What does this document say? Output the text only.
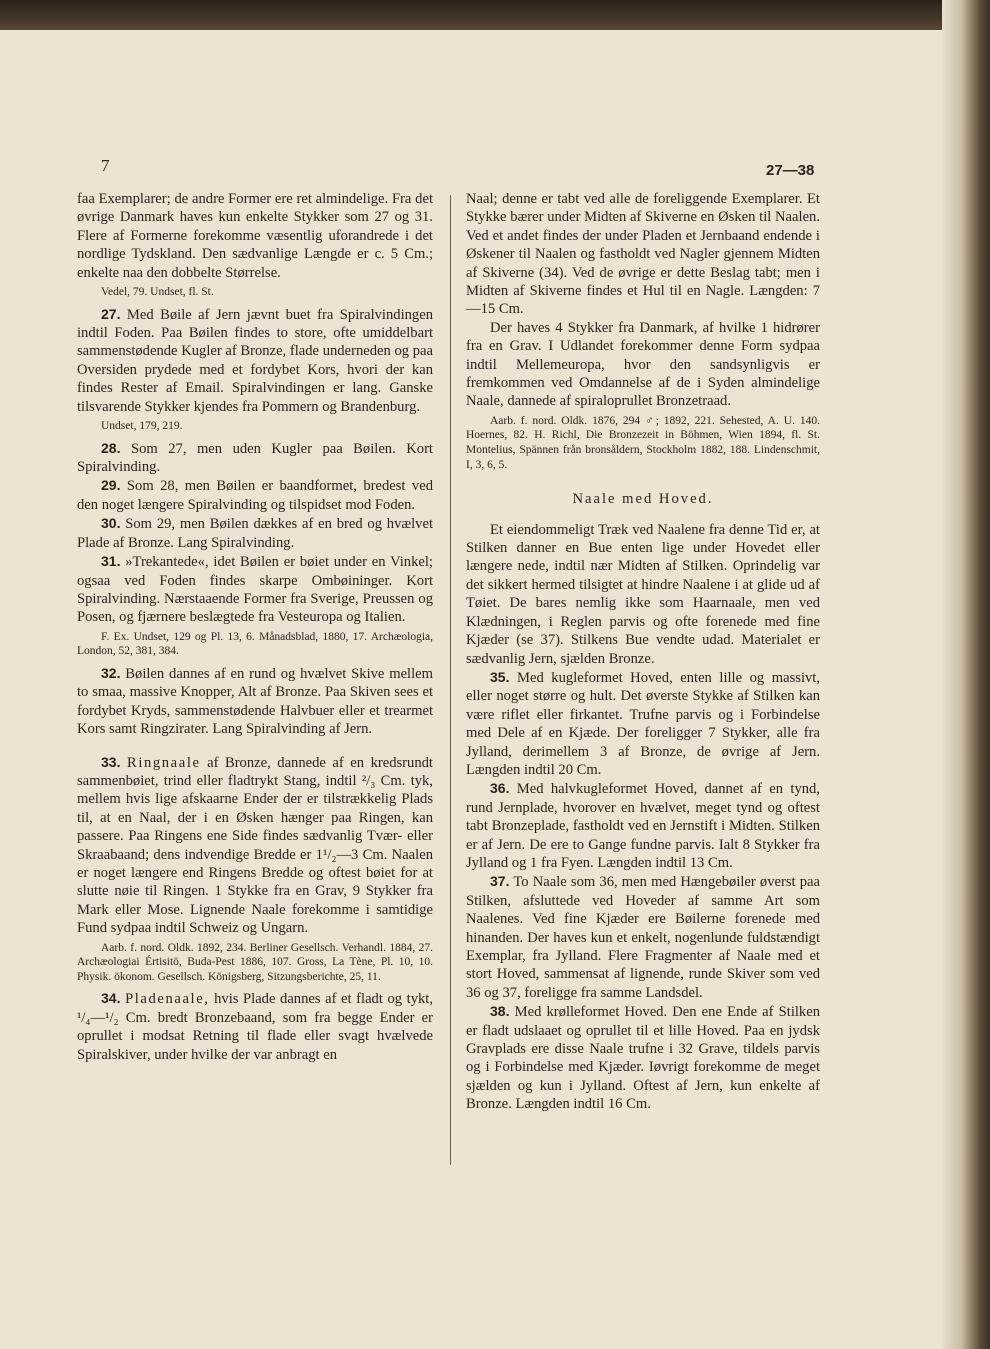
7	27—38

faa Exemplarer; de andre Former ere ret almindelige. Fra det øvrige Danmark haves kun enkelte Stykker som 27 og 31. Flere af Formerne forekomme væsentlig uforandrede i det nordlige Tydskland. Den sædvanlige Længde er c. 5 Cm.; enkelte naa den dobbelte Størrelse.

Vedel, 79. Undset, fl. St.

27. Med Bøile af Jern jævnt buet fra Spiralvindingen indtil Foden. Paa Bøilen findes to store, ofte umiddelbart sammenstødende Kugler af Bronze, flade underneden og paa Oversiden prydede med et fordybet Kors, hvori der kan findes Rester af Email. Spiralvindingen er lang. Ganske tilsvarende Stykker kjendes fra Pommern og Brandenburg.

Undset, 179, 219.

28. Som 27, men uden Kugler paa Bøilen. Kort Spiralvinding.

29. Som 28, men Bøilen er baandformet, bredest ved den noget længere Spiralvinding og tilspidset mod Foden.

30. Som 29, men Bøilen dækkes af en bred og hvælvet Plade af Bronze. Lang Spiralvinding.

31. »Trekantede«, idet Bøilen er bøiet under en Vinkel; ogsaa ved Foden findes skarpe Ombøininger. Kort Spiralvinding. Nærstaaende Former fra Sverige, Preussen og Posen, og fjærnere beslægtede fra Vesteuropa og Italien.

F. Ex. Undset, 129 og Pl. 13, 6. Månadsblad, 1880, 17. Archæologia, London, 52, 381, 384.

32. Bøilen dannes af en rund og hvælvet Skive mellem to smaa, massive Knopper, Alt af Bronze. Paa Skiven sees et fordybet Kryds, sammenstødende Halvbuer eller et trearmet Kors samt Ringzirater. Lang Spiralvinding af Jern.

33. Ringnaale af Bronze, dannede af en kredsrundt sammenbøiet, trind eller fladtrykt Stang, indtil ²/₃ Cm. tyk, mellem hvis lige afskaarne Ender der er tilstrækkelig Plads til, at en Naal, der i en Øsken hænger paa Ringen, kan passere. Paa Ringens ene Side findes sædvanlig Tvær- eller Skraabaand; dens indvendige Bredde er 1¹/₂—3 Cm. Naalen er noget længere end Ringens Bredde og oftest bøiet for at slutte nøie til Ringen. 1 Stykke fra en Grav, 9 Stykker fra Mark eller Mose. Lignende Naale forekomme i samtidige Fund sydpaa indtil Schweiz og Ungarn.

Aarb. f. nord. Oldk. 1892, 234. Berliner Gesellsch. Verhandl. 1884, 27. Archæologiai Értisitö, Buda-Pest 1886, 107. Gross, La Tène, Pl. 10, 10. Physik. ökonom. Gesellsch. Königsberg, Sitzungsberichte, 25, 11.

34. Pladenaale, hvis Plade dannes af et fladt og tykt, ¹/₄—¹/₂ Cm. bredt Bronzebaand, som fra begge Ender er oprullet i modsat Retning til flade eller svagt hvælvede Spiralskiver, under hvilke der var anbragt en

Naal; denne er tabt ved alle de foreliggende Exemplarer. Et Stykke bærer under Midten af Skiverne en Øsken til Naalen. Ved et andet findes der under Pladen et Jernbaand endende i Øskener til Naalen og fastholdt ved Nagler gjennem Midten af Skiverne (34). Ved de øvrige er dette Beslag tabt; men i Midten af Skiverne findes et Hul til en Nagle. Længden: 7—15 Cm.

Der haves 4 Stykker fra Danmark, af hvilke 1 hidrører fra en Grav. I Udlandet forekommer denne Form sydpaa indtil Mellemeuropa, hvor den sandsynligvis er fremkommen ved Omdannelse af de i Syden almindelige Naale, dannede af spiraloprullet Bronzetraad.

Aarb. f. nord. Oldk. 1876, 294 ♂; 1892, 221. Sehested, A. U. 140. Hoernes, 82. H. Richl, Die Bronzezeit in Böhmen, Wien 1894, fl. St. Montelius, Spännen från bronsåldern, Stockholm 1882, 188. Lindenschmit, I, 3, 6, 5.

Naale med Hoved.

Et eiendommeligt Træk ved Naalene fra denne Tid er, at Stilken danner en Bue enten lige under Hovedet eller længere nede, indtil nær Midten af Stilken. Oprindelig var det sikkert hermed tilsigtet at hindre Naalene i at glide ud af Tøiet. De bares nemlig ikke som Haarnaale, men ved Klædningen, i Reglen parvis og ofte forenede med fine Kjæder (se 37). Stilkens Bue vendte udad. Materialet er sædvanlig Jern, sjælden Bronze.

35. Med kugleformet Hoved, enten lille og massivt, eller noget større og hult. Det øverste Stykke af Stilken kan være riflet eller firkantet. Trufne parvis og i Forbindelse med Dele af en Kjæde. Der foreligger 7 Stykker, alle fra Jylland, derimellem 3 af Bronze, de øvrige af Jern. Længden indtil 20 Cm.

36. Med halvkugleformet Hoved, dannet af en tynd, rund Jernplade, hvorover en hvælvet, meget tynd og oftest tabt Bronzeplade, fastholdt ved en Jernstift i Midten. Stilken er af Jern. De ere to Gange fundne parvis. Ialt 8 Stykker fra Jylland og 1 fra Fyen. Længden indtil 13 Cm.

37. To Naale som 36, men med Hængebøiler øverst paa Stilken, afsluttede ved Hoveder af samme Art som Naalenes. Ved fine Kjæder ere Bøilerne forenede med hinanden. Der haves kun et enkelt, nogenlunde fuldstændigt Exemplar, fra Jylland. Flere Fragmenter af Naale med et stort Hoved, sammensat af lignende, runde Skiver som ved 36 og 37, foreligge fra samme Landsdel.

38. Med krølleformet Hoved. Den ene Ende af Stilken er fladt udslaaet og oprullet til et lille Hoved. Paa en jydsk Gravplads ere disse Naale trufne i 32 Grave, tildels parvis og i Forbindelse med Kjæder. Iøvrigt forekomme de meget sjælden og kun i Jylland. Oftest af Jern, kun enkelte af Bronze. Længden indtil 16 Cm.
